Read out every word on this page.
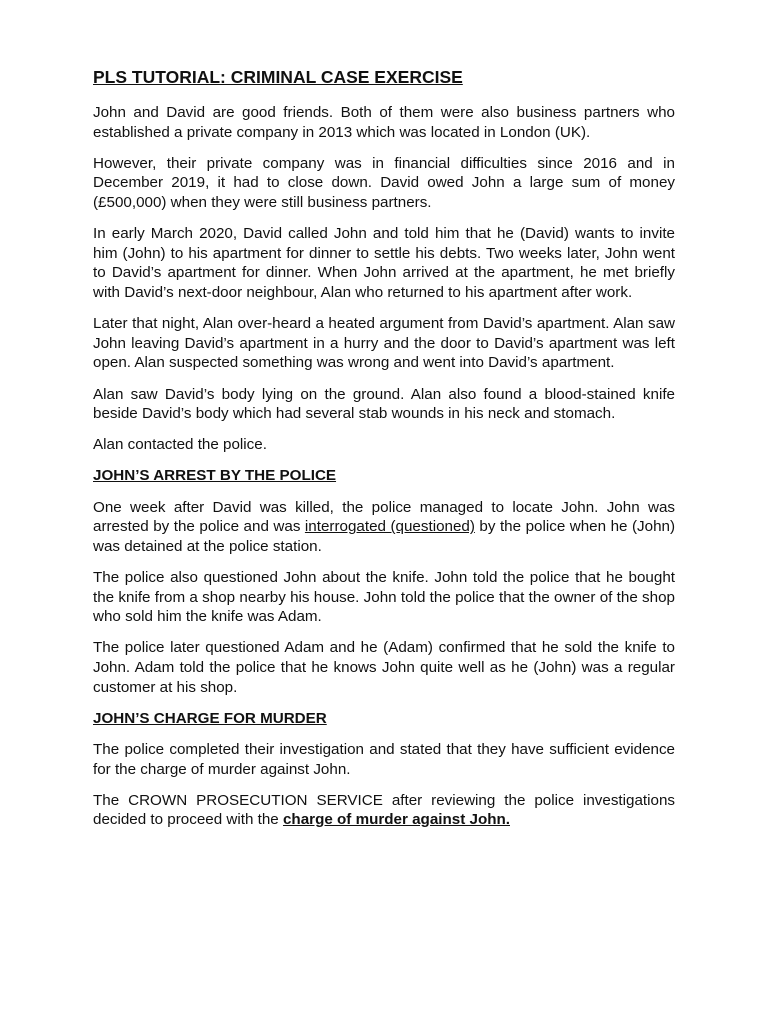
PLS TUTORIAL: CRIMINAL CASE EXERCISE
John and David are good friends. Both of them were also business partners who established a private company in 2013 which was located in London (UK).
However, their private company was in financial difficulties since 2016 and in December 2019, it had to close down. David owed John a large sum of money (£500,000) when they were still business partners.
In early March 2020, David called John and told him that he (David) wants to invite him (John) to his apartment for dinner to settle his debts. Two weeks later, John went to David’s apartment for dinner. When John arrived at the apartment, he met briefly with David’s next-door neighbour, Alan who returned to his apartment after work.
Later that night, Alan over-heard a heated argument from David’s apartment. Alan saw John leaving David’s apartment in a hurry and the door to David’s apartment was left open. Alan suspected something was wrong and went into David’s apartment.
Alan saw David’s body lying on the ground. Alan also found a blood-stained knife beside David’s body which had several stab wounds in his neck and stomach.
Alan contacted the police.
JOHN’S ARREST BY THE POLICE
One week after David was killed, the police managed to locate John. John was arrested by the police and was interrogated (questioned) by the police when he (John) was detained at the police station.
The police also questioned John about the knife. John told the police that he bought the knife from a shop nearby his house. John told the police that the owner of the shop who sold him the knife was Adam.
The police later questioned Adam and he (Adam) confirmed that he sold the knife to John. Adam told the police that he knows John quite well as he (John) was a regular customer at his shop.
JOHN’S CHARGE FOR MURDER
The police completed their investigation and stated that they have sufficient evidence for the charge of murder against John.
The CROWN PROSECUTION SERVICE after reviewing the police investigations decided to proceed with the charge of murder against John.
